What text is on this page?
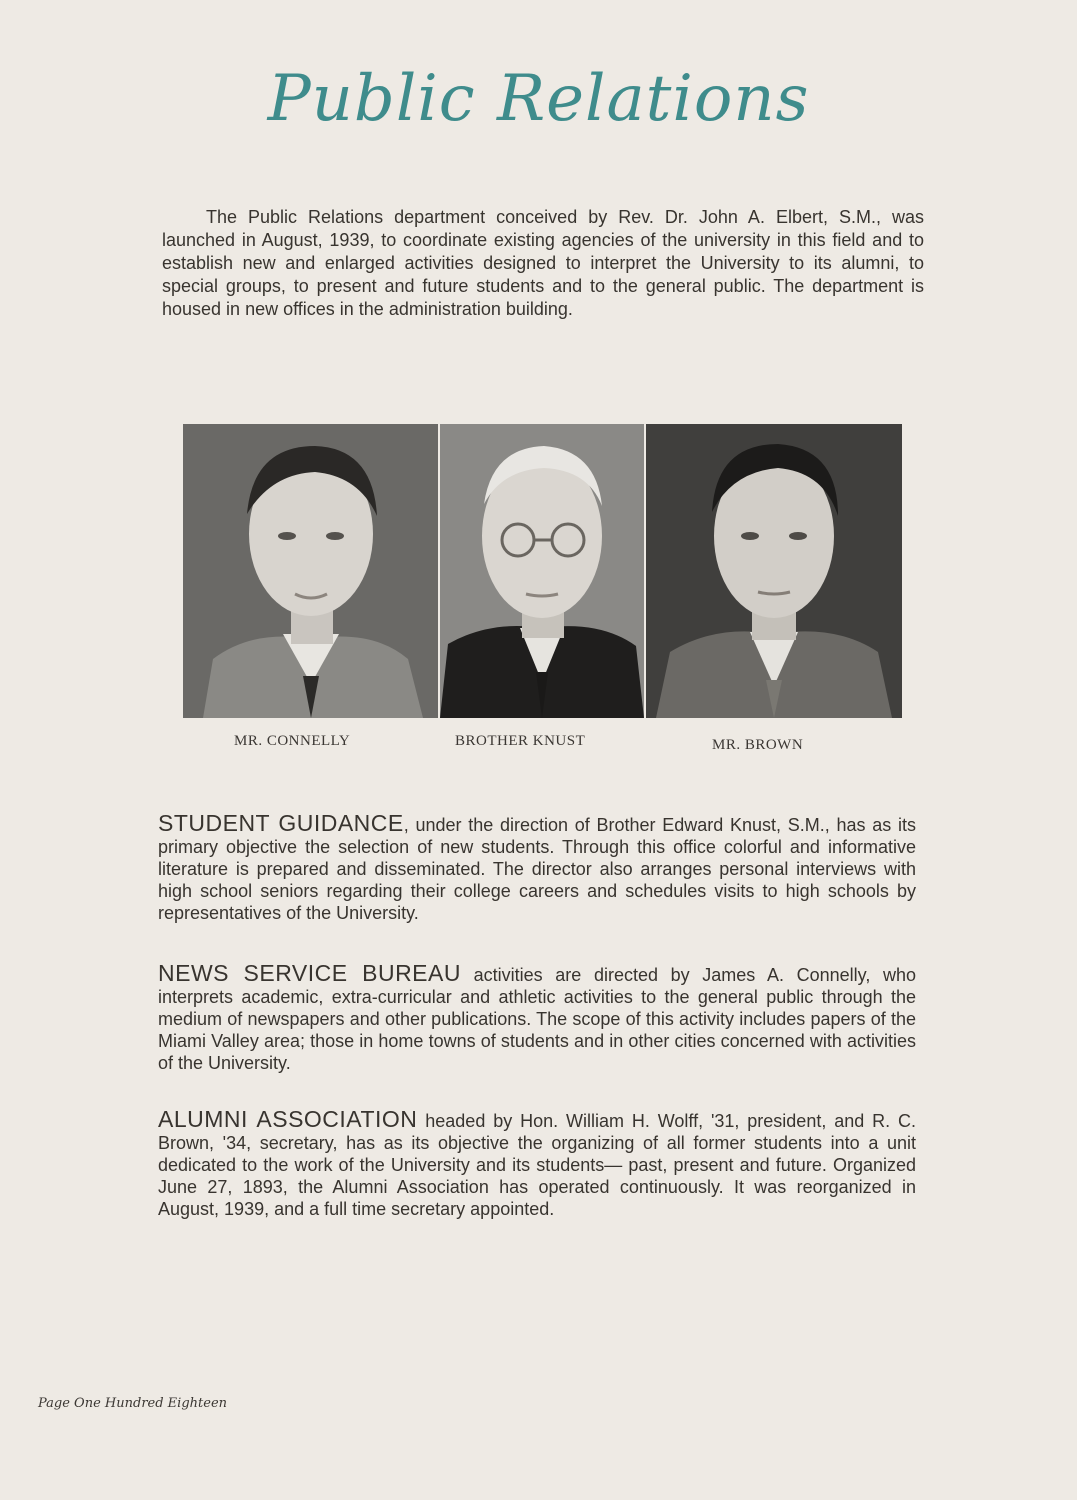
Public Relations

The Public Relations department conceived by Rev. Dr. John A. Elbert, S.M., was launched in August, 1939, to coordinate existing agencies of the university in this field and to establish new and enlarged activities designed to interpret the University to its alumni, to special groups, to present and future students and to the general public. The department is housed in new offices in the administration building.

MR. CONNELLY	BROTHER KNUST	MR. BROWN

STUDENT GUIDANCE, under the direction of Brother Edward Knust, S.M., has as its primary objective the selection of new students. Through this office colorful and informative literature is prepared and disseminated. The director also arranges personal interviews with high school seniors regarding their college careers and schedules visits to high schools by representatives of the University.

NEWS SERVICE BUREAU activities are directed by James A. Connelly, who interprets academic, extra-curricular and athletic activities to the general public through the medium of newspapers and other publications. The scope of this activity includes papers of the Miami Valley area; those in home towns of students and in other cities concerned with activities of the University.

ALUMNI ASSOCIATION headed by Hon. William H. Wolff, '31, president, and R. C. Brown, '34, secretary, has as its objective the organizing of all former students into a unit dedicated to the work of the University and its students— past, present and future. Organized June 27, 1893, the Alumni Association has operated continuously. It was reorganized in August, 1939, and a full time secretary appointed.

Page One Hundred Eighteen
